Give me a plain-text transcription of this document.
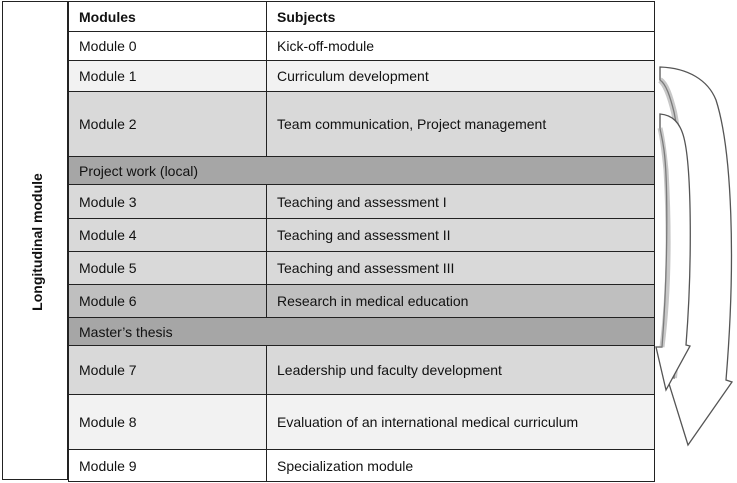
Longitudinal module
Modules	Subjects
Module 0	Kick-off-module
Module 1	Curriculum development
Module 2	Team communication, Project management
Project work (local)	
Module 3	Teaching and assessment I
Module 4	Teaching and assessment II
Module 5	Teaching and assessment III
Module 6	Research in medical education
Master’s thesis	
Module 7	Leadership und faculty development
Module 8	Evaluation of an international medical curriculum
Module 9	Specialization module
